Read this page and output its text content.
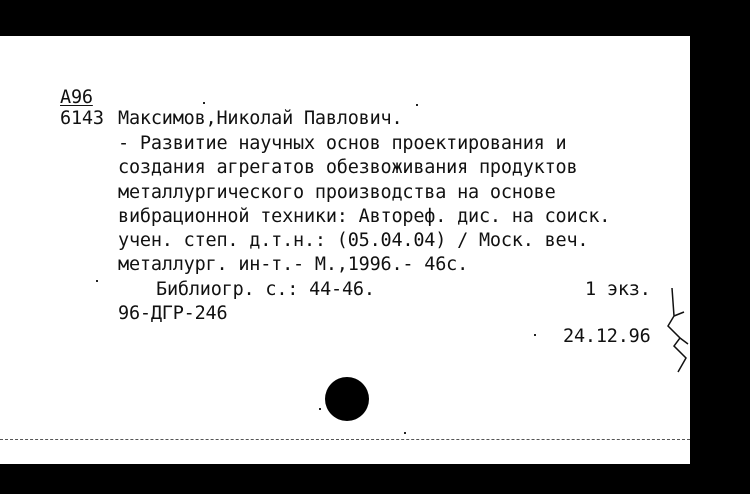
A96
6143 Максимов,Николай Павлович.
- Развитие научных основ проектирования и
создания агрегатов обезвоживания продуктов
металлургического производства на основе
вибрационной техники: Автореф. дис. на соиск.
учен. степ. д.т.н.: (05.04.04) / Моск. веч.
металлург. ин-т.- М.,1996.- 46с.
Библиогр. с.: 44-46.	1 экз.
96-ДГР-246
24.12.96
